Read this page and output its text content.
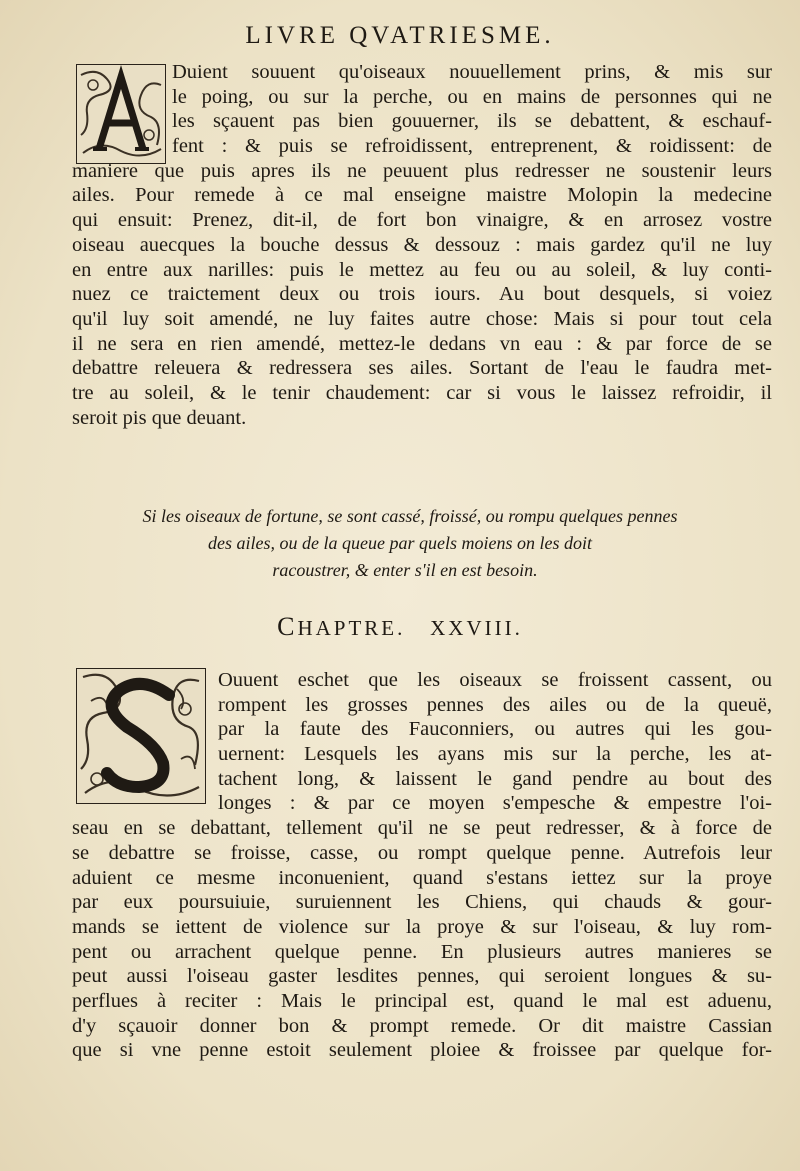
LIVRE QVATRIESME.
Duient souuent qu'oiseaux nouuellement prins, & mis sur
le poing, ou sur la perche, ou en mains de personnes qui ne
les sçauent pas bien gouuerner, ils se debattent, & eschauf-
fent : & puis se refroidissent, entreprenent, & roidissent: de
maniere que puis apres ils ne peuuent plus redresser ne soustenir leurs
ailes. Pour remede à ce mal enseigne maistre Molopin la medecine
qui ensuit: Prenez, dit-il, de fort bon vinaigre, & en arrosez vostre
oiseau auecques la bouche dessus & dessouz : mais gardez qu'il ne luy
en entre aux narilles: puis le mettez au feu ou au soleil, & luy conti-
nuez ce traictement deux ou trois iours. Au bout desquels, si voiez
qu'il luy soit amendé, ne luy faites autre chose: Mais si pour tout cela
il ne sera en rien amendé, mettez-le dedans vn eau : & par force de se
debattre releuera & redressera ses ailes. Sortant de l'eau le faudra met-
tre au soleil, & le tenir chaudement: car si vous le laissez refroidir, il
seroit pis que deuant.
Si les oiseaux de fortune, se sont cassé, froissé, ou rompu quelques pennes
des ailes, ou de la queue par quels moiens on les doit
racoustrer, & enter s'il en est besoin.
CHAPTRE. XXVIII.
Ouuent eschet que les oiseaux se froissent cassent, ou
rompent les grosses pennes des ailes ou de la queuë,
par la faute des Fauconniers, ou autres qui les gou-
uernent: Lesquels les ayans mis sur la perche, les at-
tachent long, & laissent le gand pendre au bout des
longes : & par ce moyen s'empesche & empestre l'oi-
seau en se debattant, tellement qu'il ne se peut redresser, & à force de
se debattre se froisse, casse, ou rompt quelque penne. Autrefois leur
aduient ce mesme inconuenient, quand s'estans iettez sur la proye
par eux poursuiuie, suruiennent les Chiens, qui chauds & gour-
mands se iettent de violence sur la proye & sur l'oiseau, & luy rom-
pent ou arrachent quelque penne. En plusieurs autres manieres se
peut aussi l'oiseau gaster lesdites pennes, qui seroient longues & su-
perflues à reciter : Mais le principal est, quand le mal est aduenu,
d'y sçauoir donner bon & prompt remede. Or dit maistre Cassian
que si vne penne estoit seulement ploiee & froissee par quelque for-
